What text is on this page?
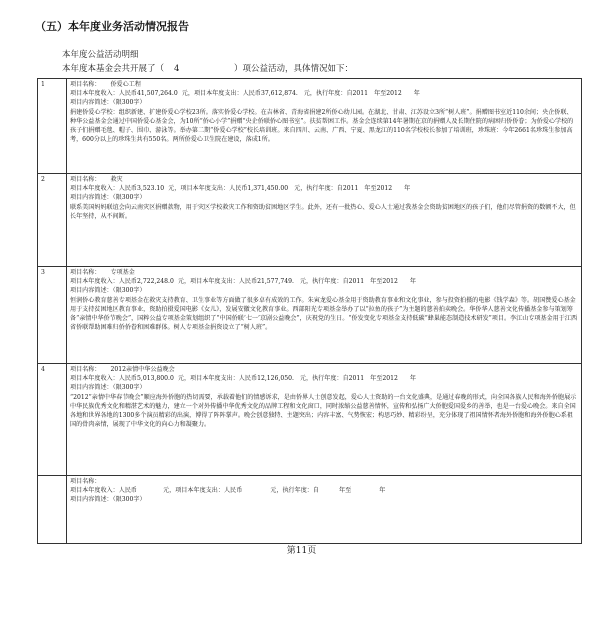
（五）本年度业务活动情况报告
本年度公益活动明细
本年度本基金会共开展了（ 4	）项公益活动，具体情况如下：
1	项目名称： 侨爱心工程
项目本年度收入：人民币41,507,264.0 元，项目本年度支出：人民币37,612,874. 元，执行年度：自2011 年至2012 年
项目内容简述：（限300字）
捐建侨爱心学校：组织新建、扩建侨爱心学校23所。落实侨爱心学校。在吉林省、青海省捐建2所侨心幼儿园。在湖北、甘肃、江苏设立3所“树人班”。捐赠图书室近110余间；央企侨联、种华公益基金会通过中国侨爱心基金会，为10所“侨心小学”捐赠“央企侨联侨心图书室”。扶贫帮困工作。基金会连续第14年暑期在京的捐赠人及长期住院的病困归侨侨眷；为侨爱心学校的孩子们捐赠毛毯、帽子、围巾、游泳等。举办第二期“侨爱心学校”校长培训班。来自四川、云南、广西、宁夏、黑龙江的110名学校校长参加了培训班，珍珠班：今年2661名珍珠生参加高考，600分以上的珍珠生共有550名。两所侨爱心卫生院在建设，落成1所。

2	项目名称： 救灾
项目本年度收入：人民币3,523.10 元，项目本年度支出：人民币1,371,450.00 元，执行年度：自2011 年至2012 年
项目内容简述：（限300字）
联系美国妈妈联谊会向云南灾区捐赠款物，用于灾区学校救灾工作和资助贫困地区学生。此外，还有一批热心、爱心人士通过我基金会资助贫困地区的孩子们，他们尽管捐资的数额不大，但长年坚持，从不间断。

3	项目名称： 专项基金
项目本年度收入：人民币2,722,248.0 元，项目本年度支出：人民币21,577,749. 元，执行年度：自2011 年至2012 年
项目内容简述：（限300字）
恒润侨心教育慈善专项基金在救灾支持教育、卫生事业等方面做了很多卓有成效的工作。朱寅龙爱心基金用于资助教育事业和文化事业，参与投资拍摄的电影《钱学森》等。胡国赞爱心基金用于支持贫困地区教育事业，资助拍摄爱国电影《女儿》，发展安徽文化教育事业。西部阳光专项基金举办了以“拉鱼的孩子”为主题的慈善拍卖晚会。华侨华人慈善文化传播基金参与策划筹备“亲情中华侨节晚会”，国粹公益专项基金策划组织了“中国侨联‘七一’京剧公益晚会”，庆祝党的生日。“侨发变化专项基金支持低碳“蜂巢能态制造技术研发”项目。李江山专项基金用于江西省侨联帮助困难归侨侨眷和困难群体。树人专项基金捐资设立了“树人班”。

4	项目名称： 2012亲情中华公益晚会
项目本年度收入：人民币5,013,800.0 元，项目本年度支出：人民币12,126,050. 元，执行年度：自2011 年至2012 年
项目内容简述：（限300字）
“2012”亲情中华春节晚会”顺应海外侨胞的热切需要，承载着他们的情感诉求，是由侨界人士创意发起，爱心人士资助的一台文化盛典，是通过春晚的形式，向全国各族人民和海外侨胞展示中华民族优秀文化和精湛艺术的魅力，建立一个对外传播中华优秀文化的品牌工程和文化窗口，同时浓缩公益慈善情怀，宣传和弘扬广大侨胞爱国爱乡的善举，也是一台爱心晚会。来自全国各地和世界各地的1300多个演员精彩的出演，博得了阵阵掌声。晚会创意独特、主题突出；内容丰富、气势恢宏；构思巧妙、精彩纷呈，充分体现了祖国情怀者海外侨胞和海外侨胞心系祖国的骨肉亲情，展现了中华文化的向心力和凝聚力。

	项目名称：
项目本年度收入：人民币 元，项目本年度支出：人民币 元，执行年度：自 年至 年
项目内容简述：（限300字）
第11页
